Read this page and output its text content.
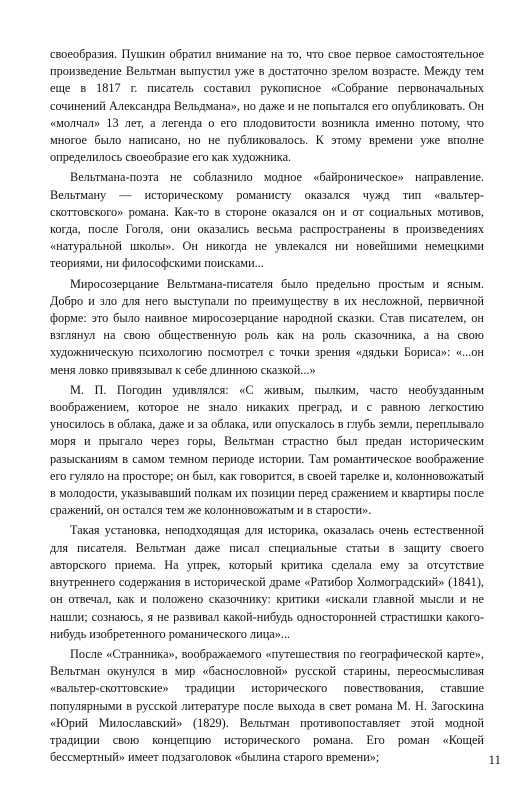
своеобразия. Пушкин обратил внимание на то, что свое первое самостоятельное произведение Вельтман выпустил уже в достаточно зрелом возрасте. Между тем еще в 1817 г. писатель составил рукописное «Собрание первоначальных сочинений Александра Вельдмана», но даже и не попытался его опубликовать. Он «молчал» 13 лет, а легенда о его плодовитости возникла именно потому, что многое было написано, но не публиковалось. К этому времени уже вполне определилось своеобразие его как художника.

Вельтмана-поэта не соблазнило модное «байроническое» направление. Вельтману — историческому романисту оказался чужд тип «вальтер-скоттовского» романа. Как-то в стороне оказался он и от социальных мотивов, когда, после Гоголя, они оказались весьма распространены в произведениях «натуральной школы». Он никогда не увлекался ни новейшими немецкими теориями, ни философскими поисками...

Миросозерцание Вельтмана-писателя было предельно простым и ясным. Добро и зло для него выступали по преимуществу в их несложной, первичной форме: это было наивное миросозерцание народной сказки. Став писателем, он взглянул на свою общественную роль как на роль сказочника, а на свою художническую психологию посмотрел с точки зрения «дядьки Бориса»: «...он меня ловко привязывал к себе длинною сказкой...»

М. П. Погодин удивлялся: «С живым, пылким, часто необузданным воображением, которое не знало никаких преград, и с равною легкостию уносилось в облака, даже и за облака, или опускалось в глубь земли, переплывало моря и прыгало через горы, Вельтман страстно был предан историческим разысканиям в самом темном периоде истории. Там романтическое воображение его гуляло на просторе; он был, как говорится, в своей тарелке и, колонновожатый в молодости, указывавший полкам их позиции перед сражением и квартиры после сражений, он остался тем же колонновожатым и в старости».

Такая установка, неподходящая для историка, оказалась очень естественной для писателя. Вельтман даже писал специальные статьи в защиту своего авторского приема. На упрек, который критика сделала ему за отсутствие внутреннего содержания в исторической драме «Ратибор Холмоградский» (1841), он отвечал, как и положено сказочнику: критики «искали главной мысли и не нашли; сознаюсь, я не развивал какой-нибудь односторонней страстишки какого-нибудь изобретенного романического лица»...

После «Странника», воображаемого «путешествия по географической карте», Вельтман окунулся в мир «баснословной» русской старины, переосмысливая «вальтер-скоттовские» традиции исторического повествования, ставшие популярными в русской литературе после выхода в свет романа М. Н. Загоскина «Юрий Милославский» (1829). Вельтман противопоставляет этой модной традиции свою концепцию исторического романа. Его роман «Кощей бессмертный» имеет подзаголовок «былина старого времени»;	11
